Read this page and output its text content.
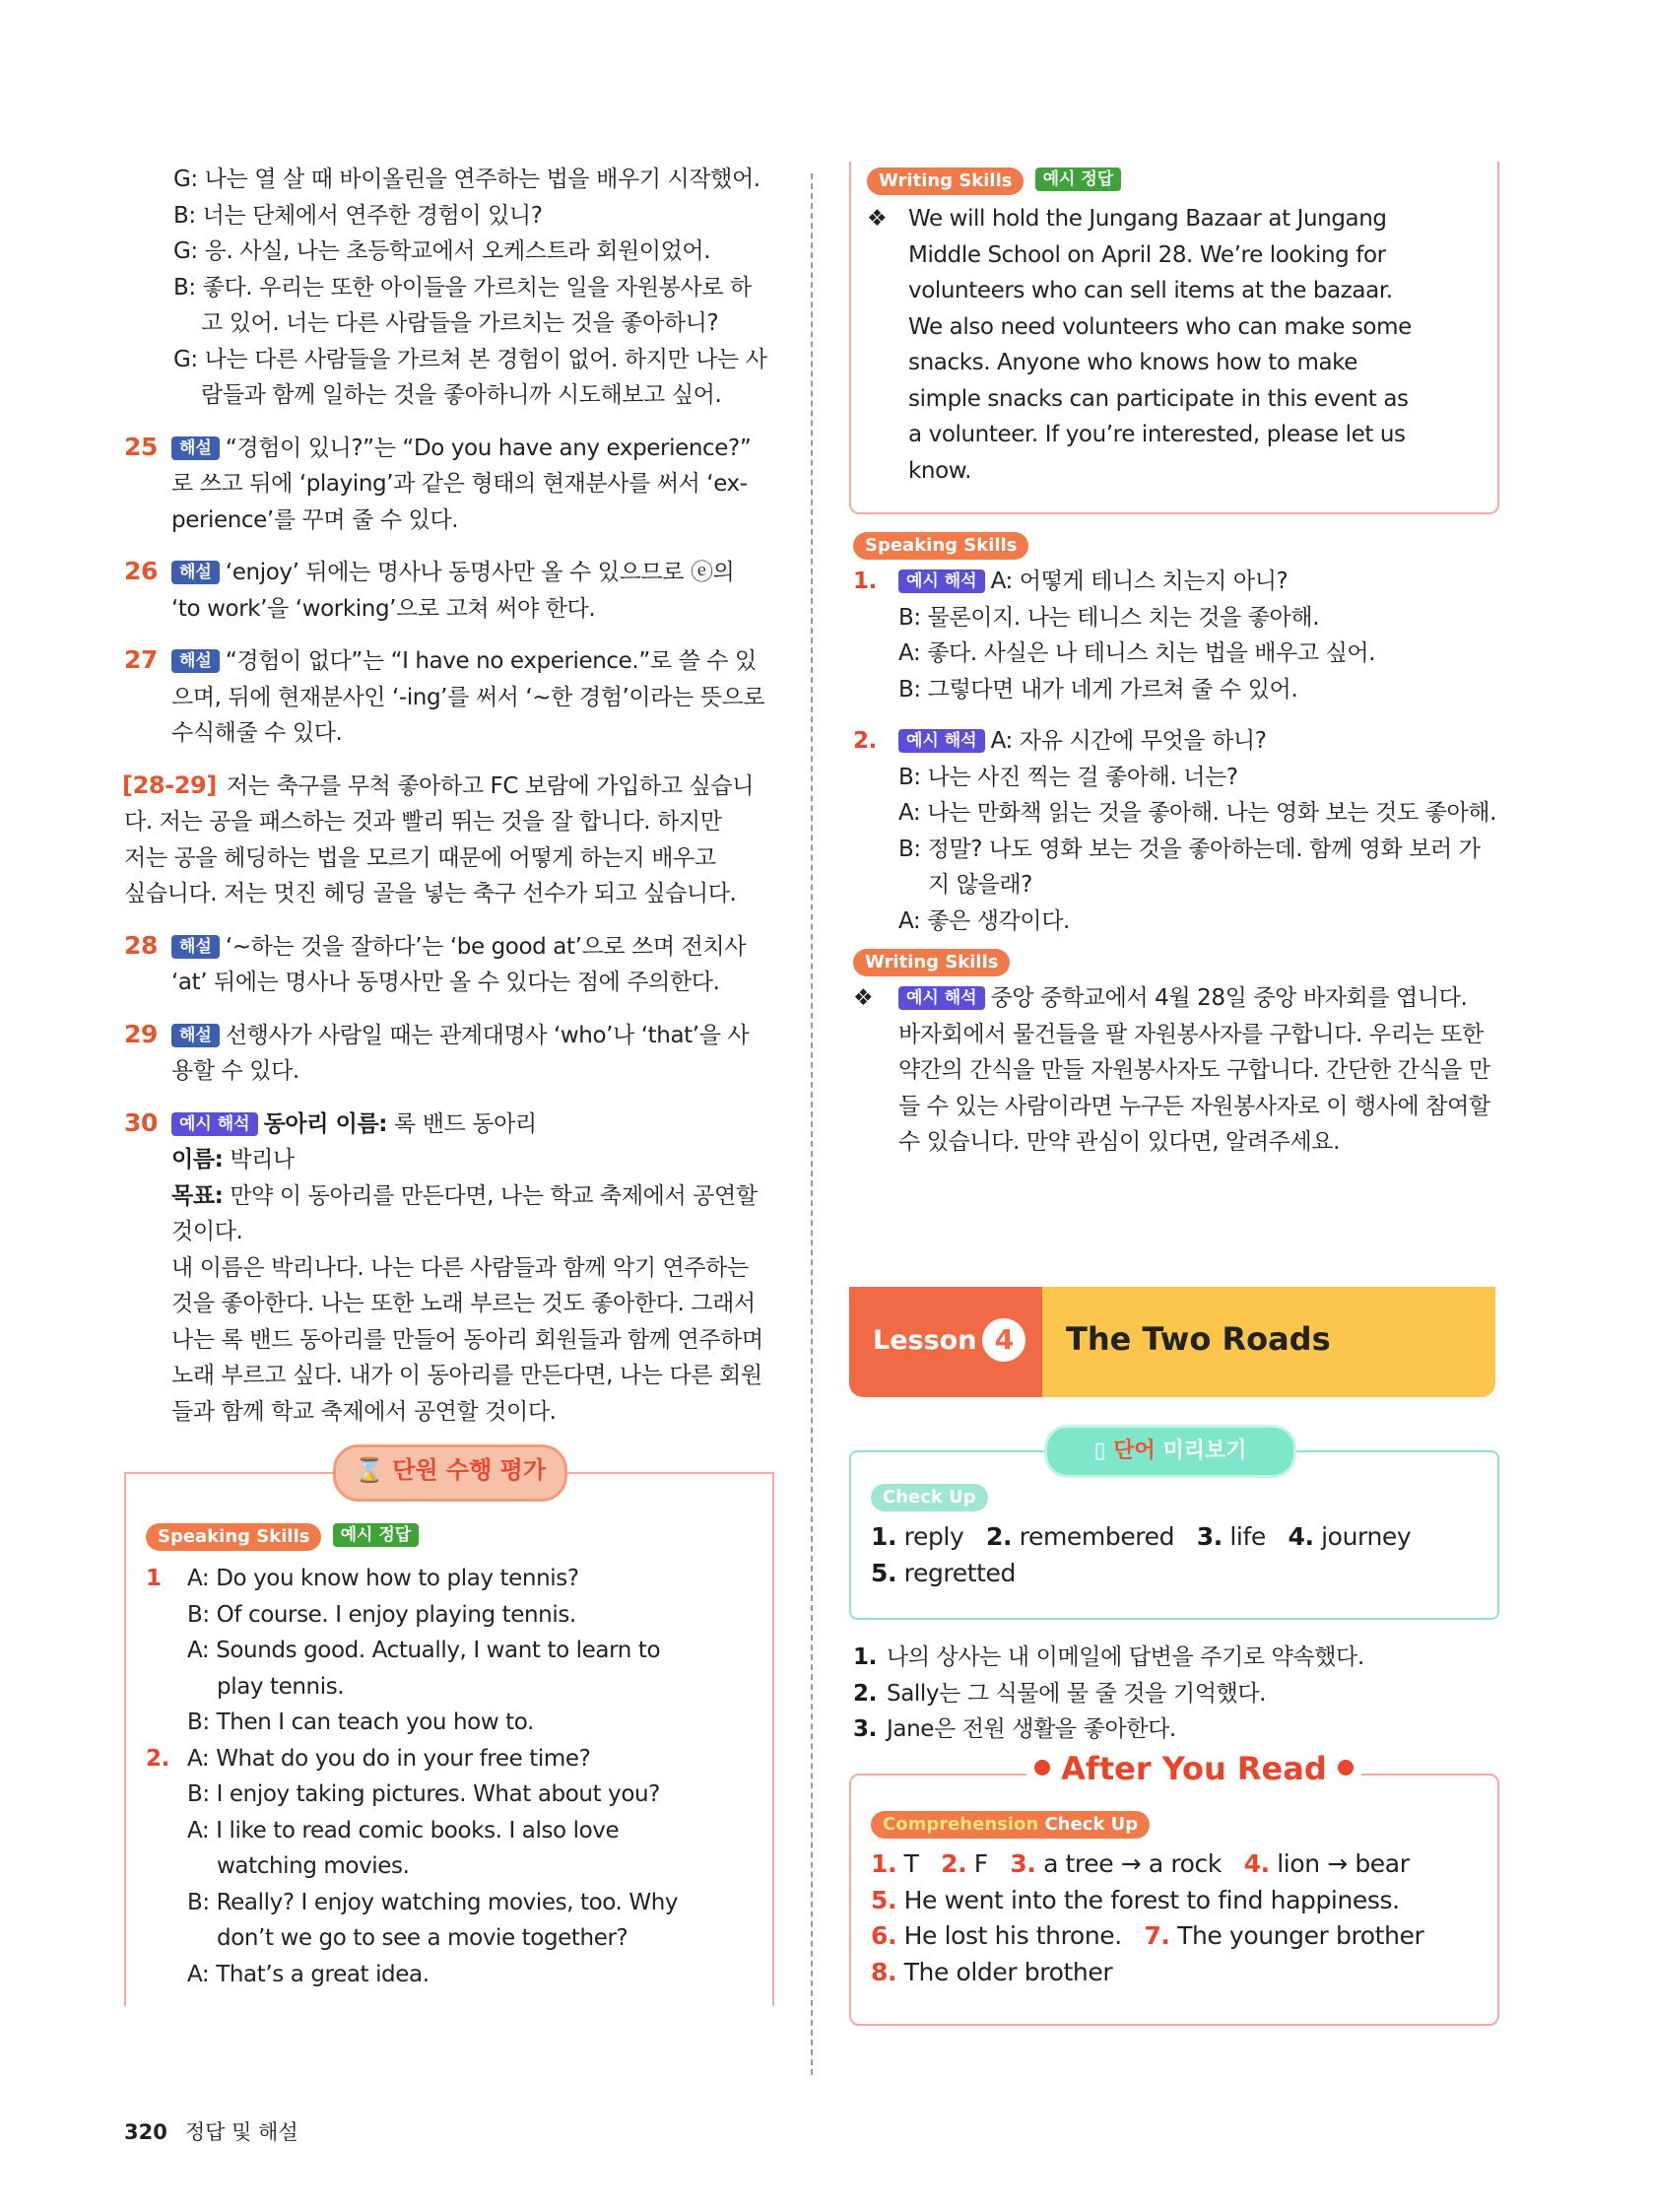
G: 나는 열 살 때 바이올린을 연주하는 법을 배우기 시작했어.
B: 너는 단체에서 연주한 경험이 있니?
G: 응. 사실, 나는 초등학교에서 오케스트라 회원이었어.
B: 좋다. 우리는 또한 아이들을 가르치는 일을 자원봉사로 하
고 있어. 너는 다른 사람들을 가르치는 것을 좋아하니?
G: 나는 다른 사람들을 가르쳐 본 경험이 없어. 하지만 나는 사
람들과 함께 일하는 것을 좋아하니까 시도해보고 싶어.
25 해설 “경험이 있니?”는 “Do you have any experience?”
로 쓰고 뒤에 ‘playing’과 같은 형태의 현재분사를 써서 ‘ex-
perience’를 꾸며 줄 수 있다.
26 해설 ‘enjoy’ 뒤에는 명사나 동명사만 올 수 있으므로 ⓔ의
‘to work’을 ‘working’으로 고쳐 써야 한다.
27 해설 “경험이 없다”는 “I have no experience.”로 쓸 수 있
으며, 뒤에 현재분사인 ‘-ing’를 써서 ‘~한 경험’이라는 뜻으로
수식해줄 수 있다.
[28-29] 저는 축구를 무척 좋아하고 FC 보람에 가입하고 싶습니
다. 저는 공을 패스하는 것과 빨리 뛰는 것을 잘 합니다. 하지만
저는 공을 헤딩하는 법을 모르기 때문에 어떻게 하는지 배우고
싶습니다. 저는 멋진 헤딩 골을 넣는 축구 선수가 되고 싶습니다.
28 해설 ‘~하는 것을 잘하다’는 ‘be good at’으로 쓰며 전치사
‘at’ 뒤에는 명사나 동명사만 올 수 있다는 점에 주의한다.
29 해설 선행사가 사람일 때는 관계대명사 ‘who’나 ‘that’을 사
용할 수 있다.
30 예시 해석 동아리 이름: 록 밴드 동아리
이름: 박리나
목표: 만약 이 동아리를 만든다면, 나는 학교 축제에서 공연할
것이다.
내 이름은 박리나다. 나는 다른 사람들과 함께 악기 연주하는
것을 좋아한다. 나는 또한 노래 부르는 것도 좋아한다. 그래서
나는 록 밴드 동아리를 만들어 동아리 회원들과 함께 연주하며
노래 부르고 싶다. 내가 이 동아리를 만든다면, 나는 다른 회원
들과 함께 학교 축제에서 공연할 것이다.
⌛ 단원 수행 평가
Speaking Skills 예시 정답
1 A: Do you know how to play tennis?
B: Of course. I enjoy playing tennis.
A: Sounds good. Actually, I want to learn to
play tennis.
B: Then I can teach you how to.
2. A: What do you do in your free time?
B: I enjoy taking pictures. What about you?
A: I like to read comic books. I also love
watching movies.
B: Really? I enjoy watching movies, too. Why
don’t we go to see a movie together?
A: That’s a great idea.
Writing Skills 예시 정답
❖ We will hold the Jungang Bazaar at Jungang
Middle School on April 28. We’re looking for
volunteers who can sell items at the bazaar.
We also need volunteers who can make some
snacks. Anyone who knows how to make
simple snacks can participate in this event as
a volunteer. If you’re interested, please let us
know.
Speaking Skills
1. 예시 해석 A: 어떻게 테니스 치는지 아니?
B: 물론이지. 나는 테니스 치는 것을 좋아해.
A: 좋다. 사실은 나 테니스 치는 법을 배우고 싶어.
B: 그렇다면 내가 네게 가르쳐 줄 수 있어.
2. 예시 해석 A: 자유 시간에 무엇을 하니?
B: 나는 사진 찍는 걸 좋아해. 너는?
A: 나는 만화책 읽는 것을 좋아해. 나는 영화 보는 것도 좋아해.
B: 정말? 나도 영화 보는 것을 좋아하는데. 함께 영화 보러 가
지 않을래?
A: 좋은 생각이다.
Writing Skills
❖ 예시 해석 중앙 중학교에서 4월 28일 중앙 바자회를 엽니다.
바자회에서 물건들을 팔 자원봉사자를 구합니다. 우리는 또한
약간의 간식을 만들 자원봉사자도 구합니다. 간단한 간식을 만
들 수 있는 사람이라면 누구든 자원봉사자로 이 행사에 참여할
수 있습니다. 만약 관심이 있다면, 알려주세요.
Lesson 4	The Two Roads
▯ 단어 미리보기
Check Up
1. reply 2. remembered 3. life 4. journey
5. regretted
1. 나의 상사는 내 이메일에 답변을 주기로 약속했다.
2. Sally는 그 식물에 물 줄 것을 기억했다.
3. Jane은 전원 생활을 좋아한다.
After You Read
Comprehension Check Up
1. T 2. F 3. a tree → a rock 4. lion → bear
5. He went into the forest to find happiness.
6. He lost his throne. 7. The younger brother
8. The older brother
320 정답 및 해설
